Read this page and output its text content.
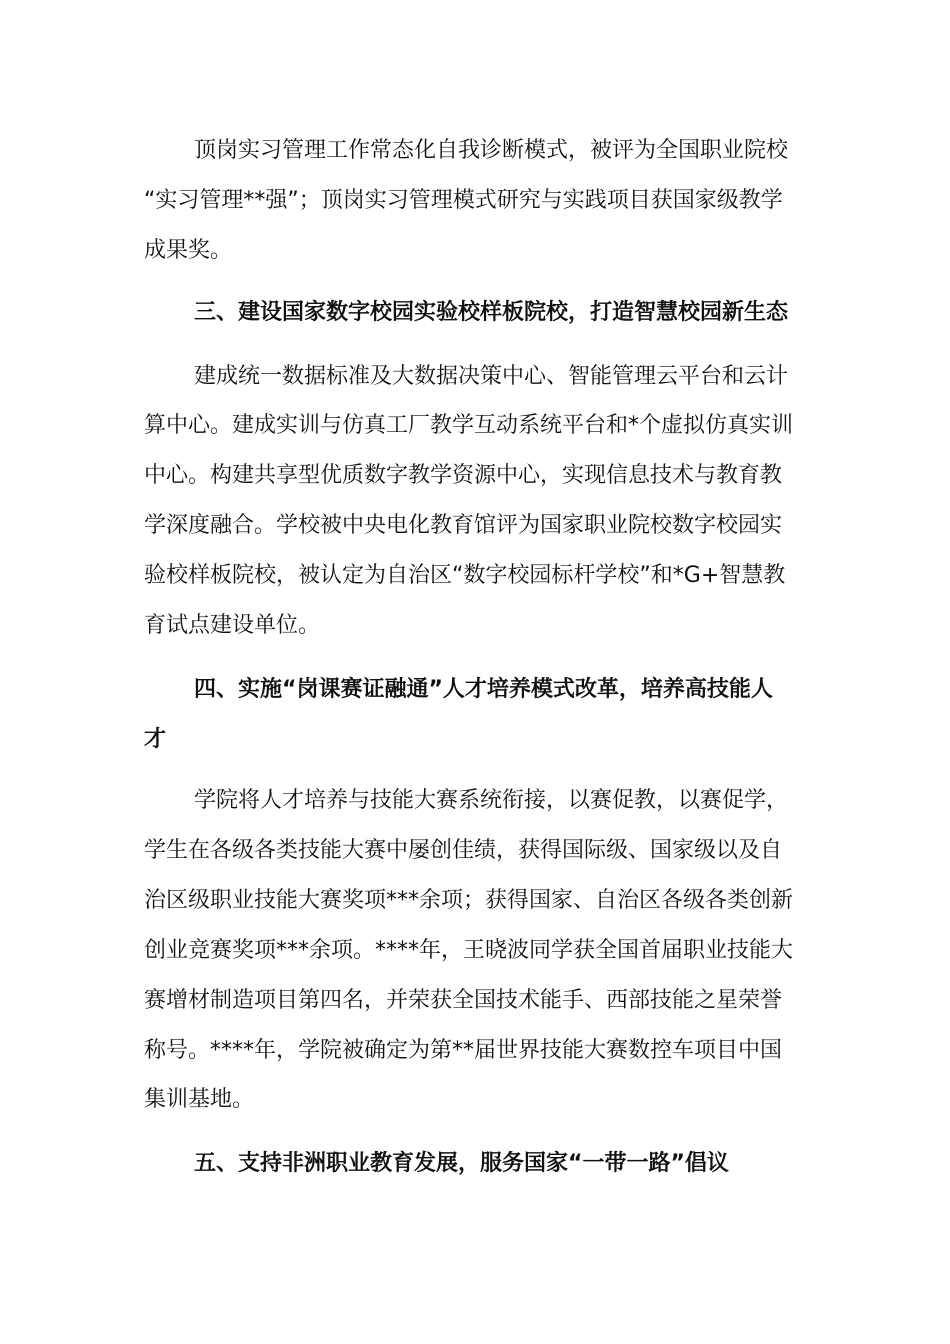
顶岗实习管理工作常态化自我诊断模式，被评为全国职业院校
“实习管理**强”；顶岗实习管理模式研究与实践项目获国家级教学
成果奖。
三、建设国家数字校园实验校样板院校，打造智慧校园新生态
建成统一数据标准及大数据决策中心、智能管理云平台和云计
算中心。建成实训与仿真工厂教学互动系统平台和*个虚拟仿真实训
中心。构建共享型优质数字教学资源中心，实现信息技术与教育教
学深度融合。学校被中央电化教育馆评为国家职业院校数字校园实
验校样板院校，被认定为自治区“数字校园标杆学校”和*G+智慧教
育试点建设单位。
四、实施“岗课赛证融通”人才培养模式改革，培养高技能人
才
学院将人才培养与技能大赛系统衔接，以赛促教，以赛促学，
学生在各级各类技能大赛中屡创佳绩，获得国际级、国家级以及自
治区级职业技能大赛奖项***余项；获得国家、自治区各级各类创新
创业竞赛奖项***余项。****年，王晓波同学获全国首届职业技能大
赛增材制造项目第四名，并荣获全国技术能手、西部技能之星荣誉
称号。****年，学院被确定为第**届世界技能大赛数控车项目中国
集训基地。
五、支持非洲职业教育发展，服务国家“一带一路”倡议
